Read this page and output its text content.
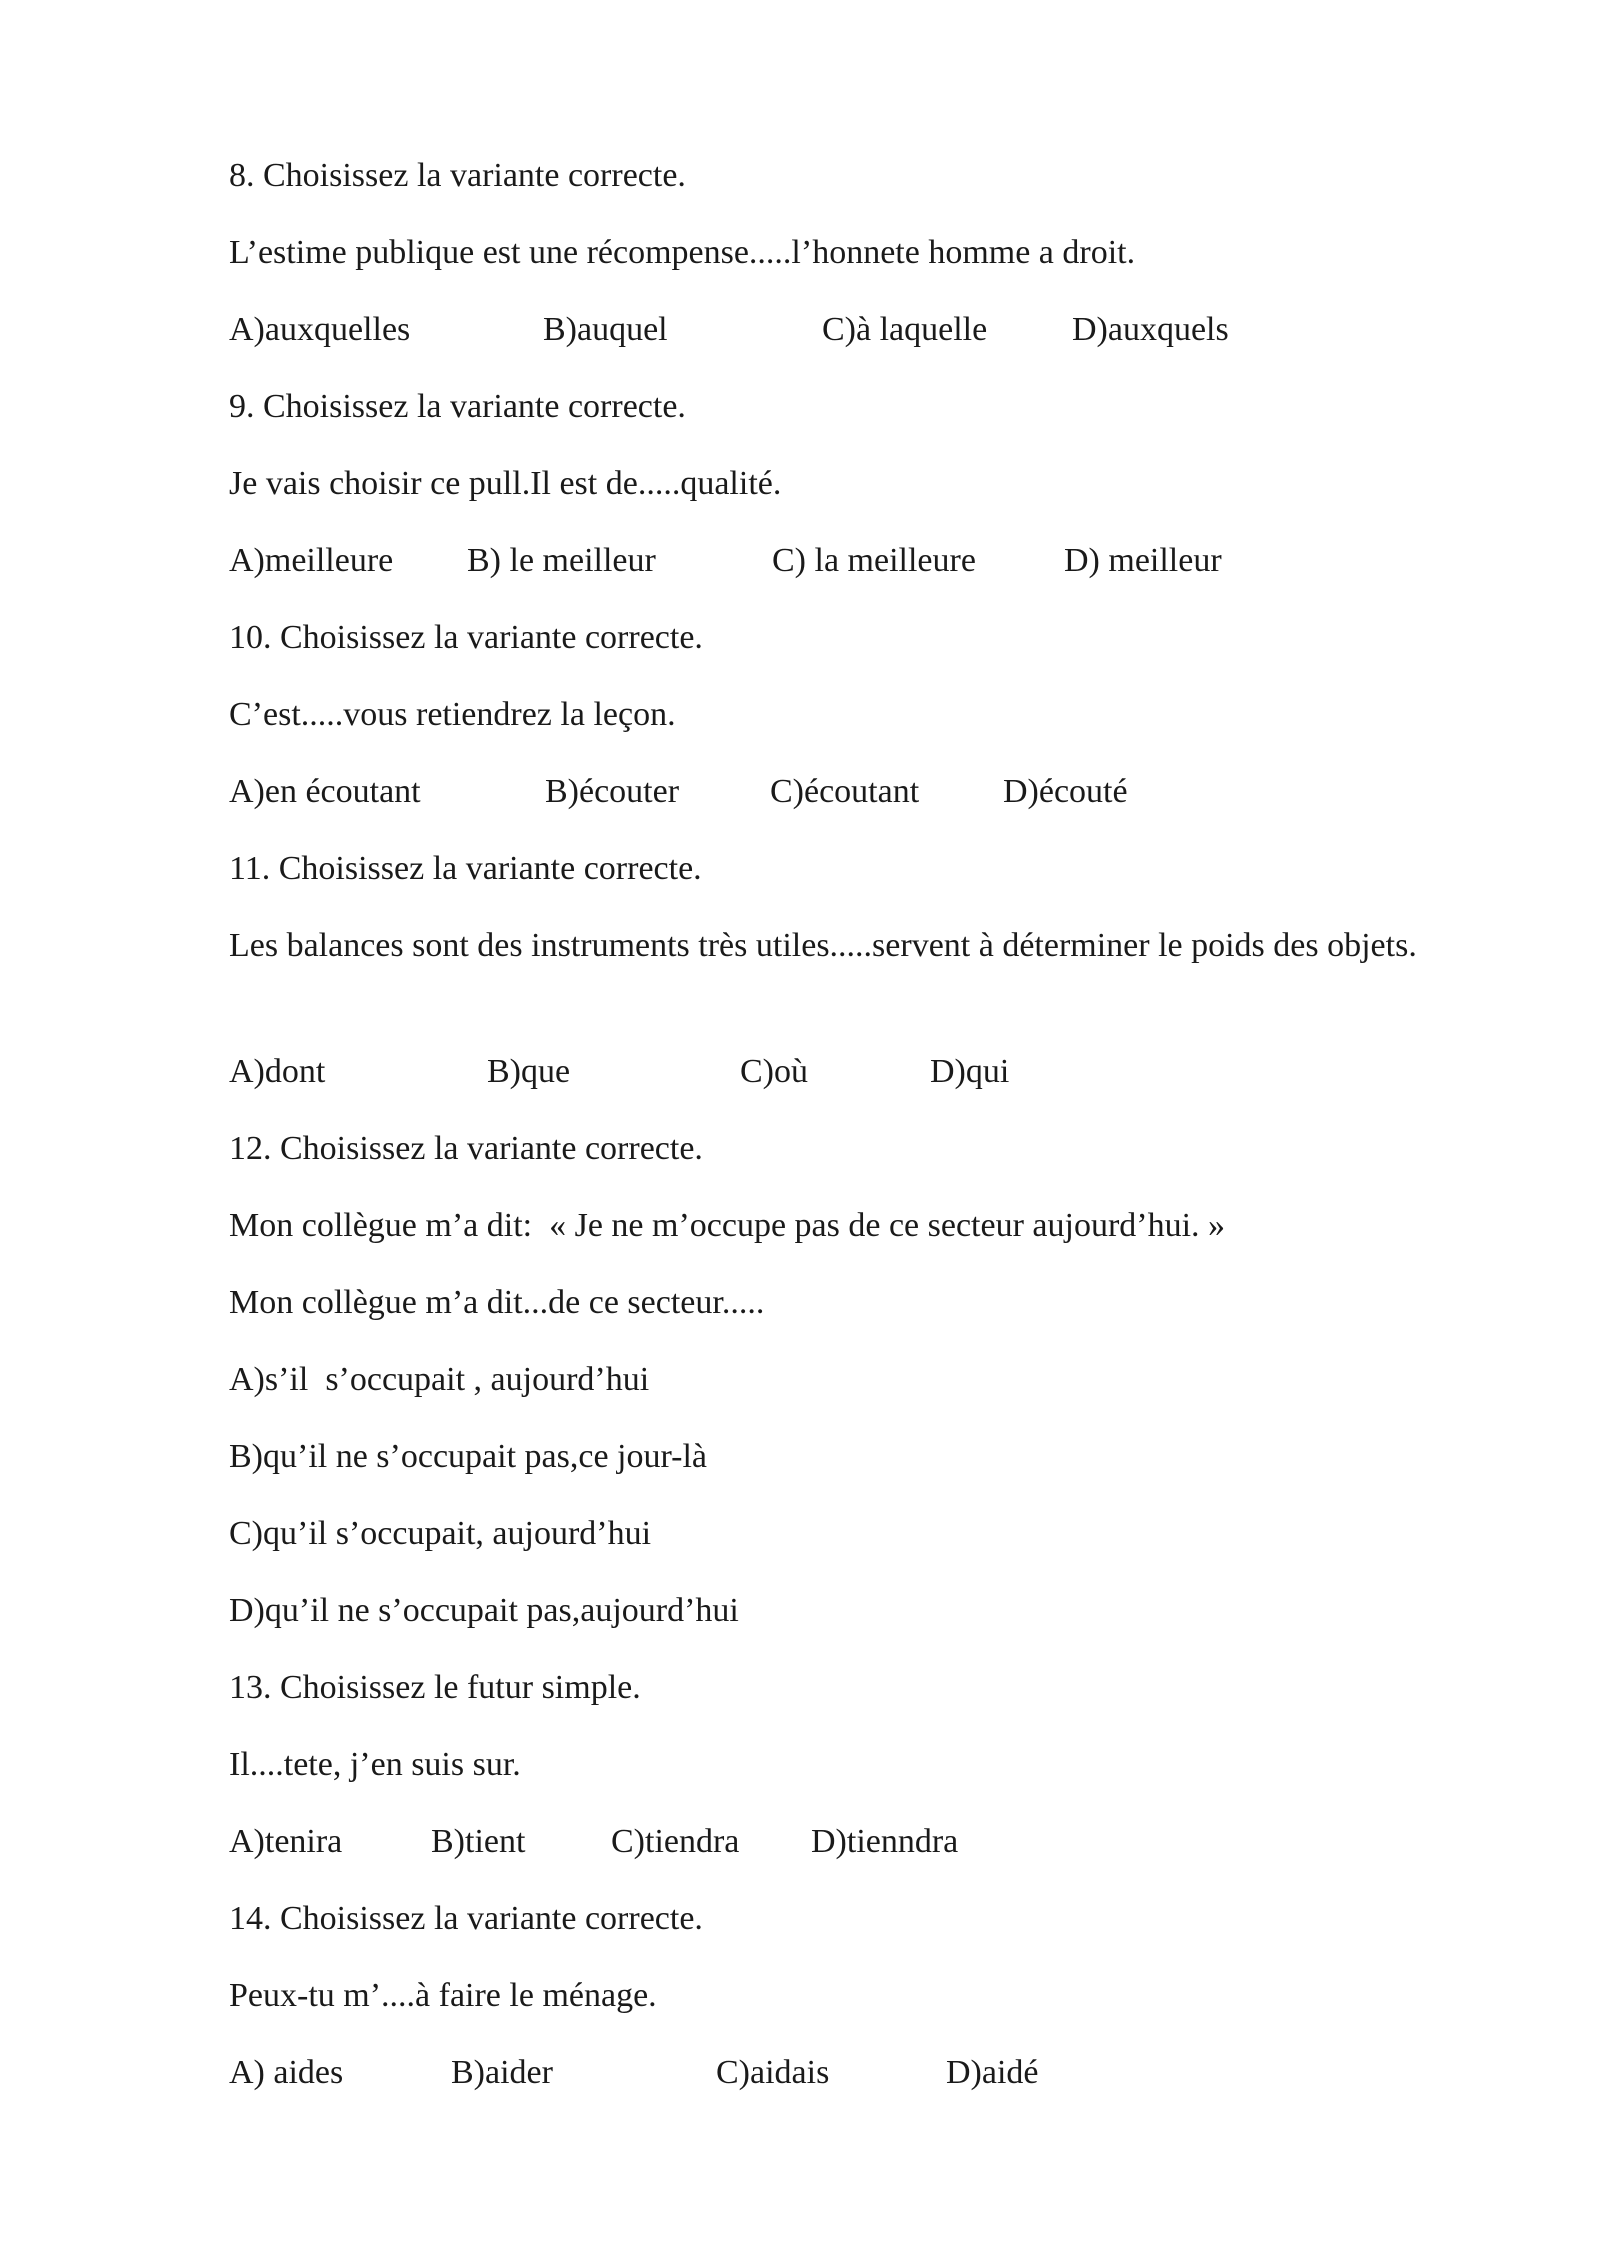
8. Choisissez la variante correcte.
L’estime publique est une récompense.....l’honnete homme a droit.
A)auxquelles	B)auquel	C)à laquelle D)auxquels
9. Choisissez la variante correcte.
Je vais choisir ce pull.Il est de.....qualité.
A)meilleure B) le meilleur	C) la meilleure	D) meilleur
10. Choisissez la variante correcte.
C’est.....vous retiendrez la leçon.
A)en écoutant	B)écouter	C)écoutant D)écouté
11. Choisissez la variante correcte.
Les balances sont des instruments très utiles.....servent à déterminer le poids des objets.
A)dont	B)que	C)où	D)qui
12. Choisissez la variante correcte.
Mon collègue m’a dit:  « Je ne m’occupe pas de ce secteur aujourd’hui. »
Mon collègue m’a dit...de ce secteur.....
A)s’il  s’occupait , aujourd’hui
B)qu’il ne s’occupait pas,ce jour-là
C)qu’il s’occupait, aujourd’hui
D)qu’il ne s’occupait pas,aujourd’hui
13. Choisissez le futur simple.
Il....tete, j’en suis sur.
A)tenira	B)tient	C)tiendra D)tienndra
14. Choisissez la variante correcte.
Peux-tu m’....à faire le ménage.
A) aides	B)aider	C)aidais	D)aidé
